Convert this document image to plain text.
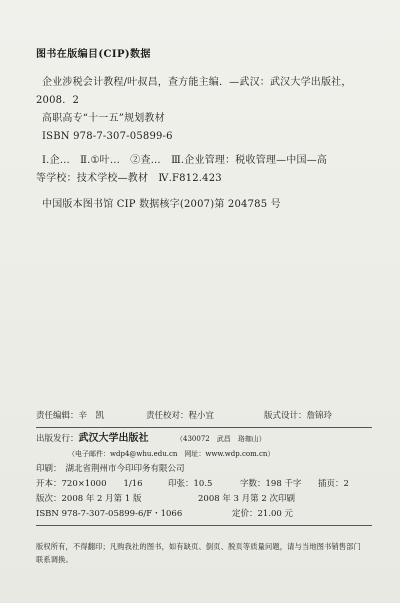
图书在版编目(CIP)数据
企业涉税会计教程/叶叔昌，查方能主编．—武汉：武汉大学出版社，
2008．2
高职高专“十一五”规划教材
ISBN 978-7-307-05899-6
Ⅰ.企…　Ⅱ.①叶…　②查…　Ⅲ.企业管理：税收管理—中国—高
等学校：技术学校—教材　Ⅳ.F812.423
中国版本图书馆 CIP 数据核字(2007)第 204785 号
责任编辑：辛　凯	责任校对：程小宜	版式设计：詹锦玲
出版发行：武汉大学出版社	（430072　武昌　珞珈山）
（电子邮件：wdp4@whu.edu.cn　网址：www.wdp.com.cn）
印刷： 湖北省荆州市今印印务有限公司
开本：720×1000　　1/16	印张：10.5	字数：198 千字 插页：2
版次：2008 年 2 月第 1 版	2008 年 3 月第 2 次印刷
ISBN 978-7-307-05899-6/F・1066	定价：21.00 元
版权所有，不得翻印；凡购我社的图书，如有缺页、倒页、脱页等质量问题，请与当地图书销售部门联系调换。
